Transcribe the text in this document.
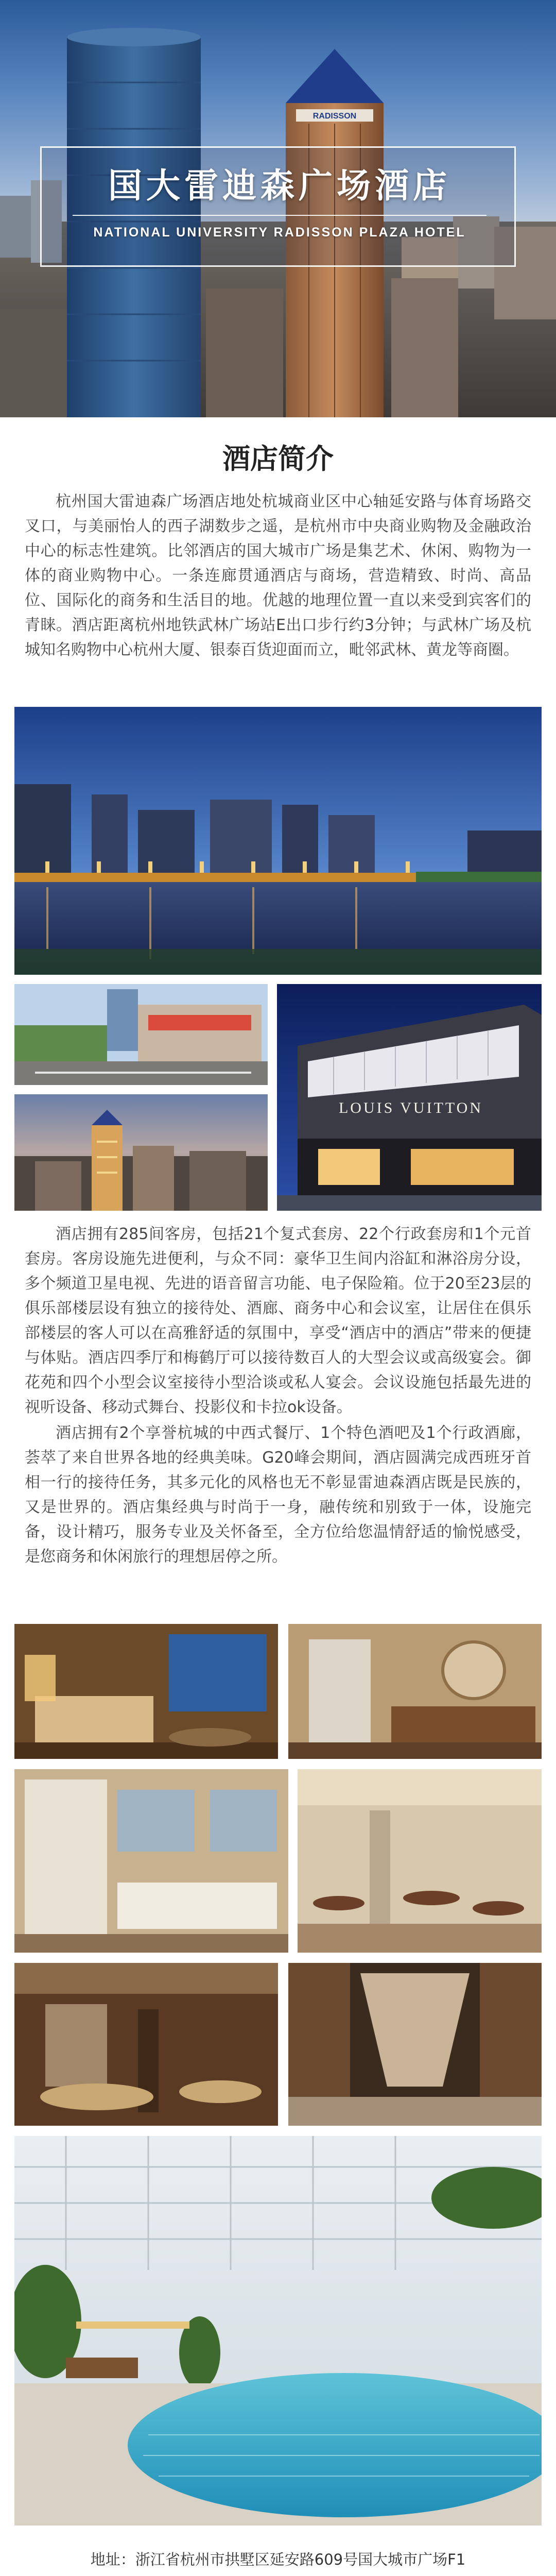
RADISSON
国大雷迪森广场酒店
NATIONAL UNIVERSITY RADISSON PLAZA HOTEL
酒店简介

杭州国大雷迪森广场酒店地处杭城商业区中心轴延安路与体育场路交叉口，与美丽怡人的西子湖数步之遥，是杭州市中央商业购物及金融政治中心的标志性建筑。比邻酒店的国大城市广场是集艺术、休闲、购物为一体的商业购物中心。一条连廊贯通酒店与商场，营造精致、时尚、高品位、国际化的商务和生活目的地。优越的地理位置一直以来受到宾客们的青睐。酒店距离杭州地铁武林广场站E出口步行约3分钟；与武林广场及杭城知名购物中心杭州大厦、银泰百货迎面而立，毗邻武林、黄龙等商圈。

LOUIS VUITTON

酒店拥有285间客房，包括21个复式套房、22个行政套房和1个元首套房。客房设施先进便利，与众不同：豪华卫生间内浴缸和淋浴房分设，多个频道卫星电视、先进的语音留言功能、电子保险箱。位于20至23层的俱乐部楼层设有独立的接待处、酒廊、商务中心和会议室，让居住在俱乐部楼层的客人可以在高雅舒适的氛围中，享受“酒店中的酒店”带来的便捷与体贴。酒店四季厅和梅鹤厅可以接待数百人的大型会议或高级宴会。御花苑和四个小型会议室接待小型洽谈或私人宴会。会议设施包括最先进的视听设备、移动式舞台、投影仪和卡拉ok设备。

酒店拥有2个享誉杭城的中西式餐厅、1个特色酒吧及1个行政酒廊，荟萃了来自世界各地的经典美味。G20峰会期间，酒店圆满完成西班牙首相一行的接待任务，其多元化的风格也无不彰显雷迪森酒店既是民族的，又是世界的。酒店集经典与时尚于一身，融传统和别致于一体，设施完备，设计精巧，服务专业及关怀备至，全方位给您温情舒适的愉悦感受，是您商务和休闲旅行的理想居停之所。

地址：浙江省杭州市拱墅区延安路609号国大城市广场F1
